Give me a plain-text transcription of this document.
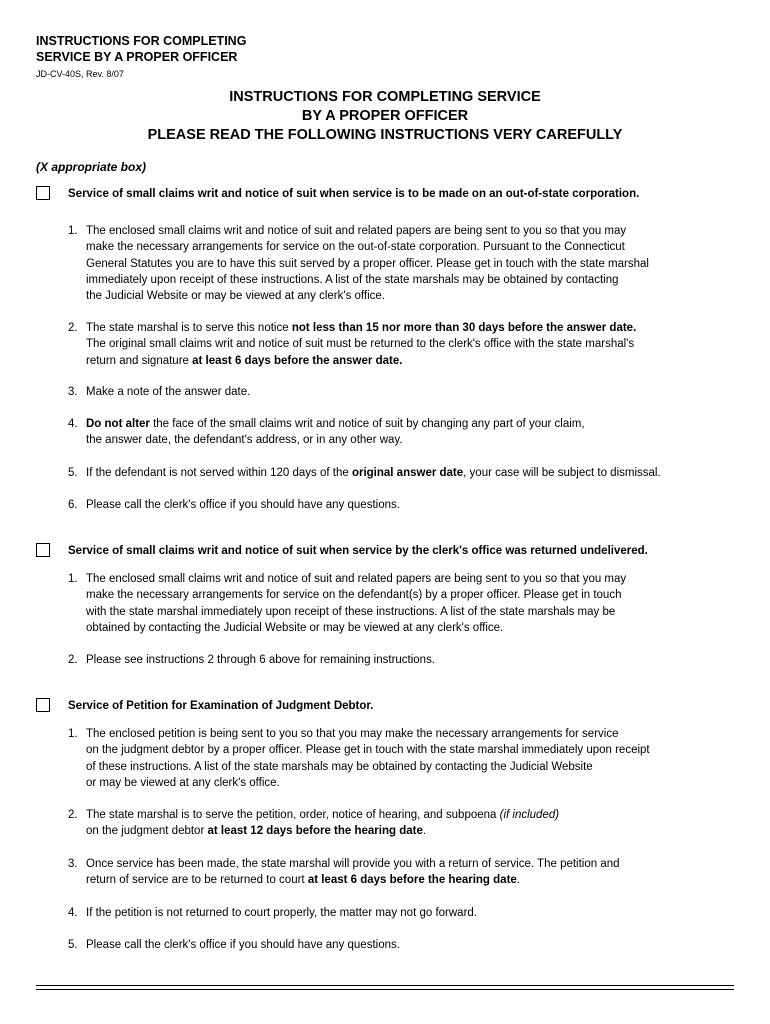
INSTRUCTIONS FOR COMPLETING
SERVICE BY A PROPER OFFICER
JD-CV-40S, Rev. 8/07
INSTRUCTIONS FOR COMPLETING SERVICE
BY A PROPER OFFICER
PLEASE READ THE FOLLOWING INSTRUCTIONS VERY CAREFULLY
(X appropriate box)
Service of small claims writ and notice of suit when service is to be made on an out-of-state corporation.
1. The enclosed small claims writ and notice of suit and related papers are being sent to you so that you may
make the necessary arrangements for service on the out-of-state corporation. Pursuant to the Connecticut
General Statutes you are to have this suit served by a proper officer. Please get in touch with the state marshal
immediately upon receipt of these instructions. A list of the state marshals may be obtained by contacting
the Judicial Website or may be viewed at any clerk's office.
2. The state marshal is to serve this notice not less than 15 nor more than 30 days before the answer date.
The original small claims writ and notice of suit must be returned to the clerk's office with the state marshal's
return and signature at least 6 days before the answer date.
3. Make a note of the answer date.
4. Do not alter the face of the small claims writ and notice of suit by changing any part of your claim,
the answer date, the defendant's address, or in any other way.
5. If the defendant is not served within 120 days of the original answer date, your case will be subject to dismissal.
6. Please call the clerk's office if you should have any questions.
Service of small claims writ and notice of suit when service by the clerk's office was returned undelivered.
1. The enclosed small claims writ and notice of suit and related papers are being sent to you so that you may
make the necessary arrangements for service on the defendant(s) by a proper officer. Please get in touch
with the state marshal immediately upon receipt of these instructions. A list of the state marshals may be
obtained by contacting the Judicial Website or may be viewed at any clerk's office.
2. Please see instructions 2 through 6 above for remaining instructions.
Service of Petition for Examination of Judgment Debtor.
1. The enclosed petition is being sent to you so that you may make the necessary arrangements for service
on the judgment debtor by a proper officer. Please get in touch with the state marshal immediately upon receipt
of these instructions. A list of the state marshals may be obtained by contacting the Judicial Website
or may be viewed at any clerk's office.
2. The state marshal is to serve the petition, order, notice of hearing, and subpoena (if included)
on the judgment debtor at least 12 days before the hearing date.
3. Once service has been made, the state marshal will provide you with a return of service. The petition and
return of service are to be returned to court at least 6 days before the hearing date.
4. If the petition is not returned to court properly, the matter may not go forward.
5. Please call the clerk's office if you should have any questions.
